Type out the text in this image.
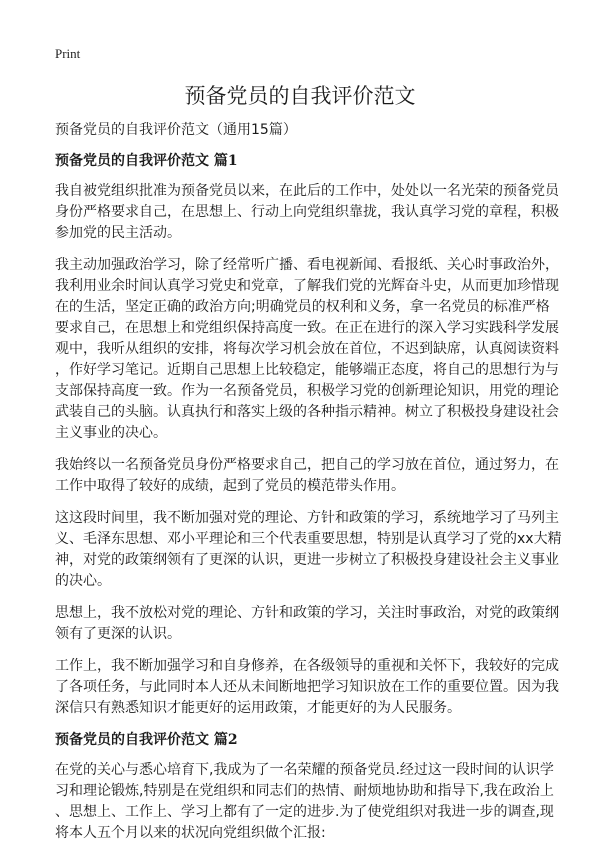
Print
预备党员的自我评价范文

预备党员的自我评价范文（通用15篇）

预备党员的自我评价范文 篇1
我自被党组织批准为预备党员以来，在此后的工作中，处处以一名光荣的预备党员
身份严格要求自己，在思想上、行动上向党组织靠拢，我认真学习党的章程，积极
参加党的民主活动。
我主动加强政治学习，除了经常听广播、看电视新闻、看报纸、关心时事政治外，
我利用业余时间认真学习党史和党章，了解我们党的光辉奋斗史，从而更加珍惜现
在的生活，坚定正确的政治方向;明确党员的权利和义务，拿一名党员的标准严格
要求自己，在思想上和党组织保持高度一致。在正在进行的深入学习实践科学发展
观中，我听从组织的安排，将每次学习机会放在首位，不迟到缺席，认真阅读资料
，作好学习笔记。近期自己思想上比较稳定，能够端正态度，将自己的思想行为与
支部保持高度一致。作为一名预备党员，积极学习党的创新理论知识，用党的理论
武装自己的头脑。认真执行和落实上级的各种指示精神。树立了积极投身建设社会
主义事业的决心。
我始终以一名预备党员身份严格要求自己，把自己的学习放在首位，通过努力，在
工作中取得了较好的成绩，起到了党员的模范带头作用。
这这段时间里，我不断加强对党的理论、方针和政策的学习，系统地学习了马列主
义、毛泽东思想、邓小平理论和三个代表重要思想，特别是认真学习了党的xx大精
神，对党的政策纲领有了更深的认识，更进一步树立了积极投身建设社会主义事业
的决心。
思想上，我不放松对党的理论、方针和政策的学习，关注时事政治，对党的政策纲
领有了更深的认识。
工作上，我不断加强学习和自身修养，在各级领导的重视和关怀下，我较好的完成
了各项任务，与此同时本人还从未间断地把学习知识放在工作的重要位置。因为我
深信只有熟悉知识才能更好的运用政策，才能更好的为人民服务。
预备党员的自我评价范文 篇2
在党的关心与悉心培育下,我成为了一名荣耀的预备党员.经过这一段时间的认识学
习和理论锻炼,特别是在党组织和同志们的热情、耐烦地协助和指导下,我在政治上
、思想上、工作上、学习上都有了一定的进步.为了使党组织对我进一步的调查,现
将本人五个月以来的状况向党组织做个汇报:
